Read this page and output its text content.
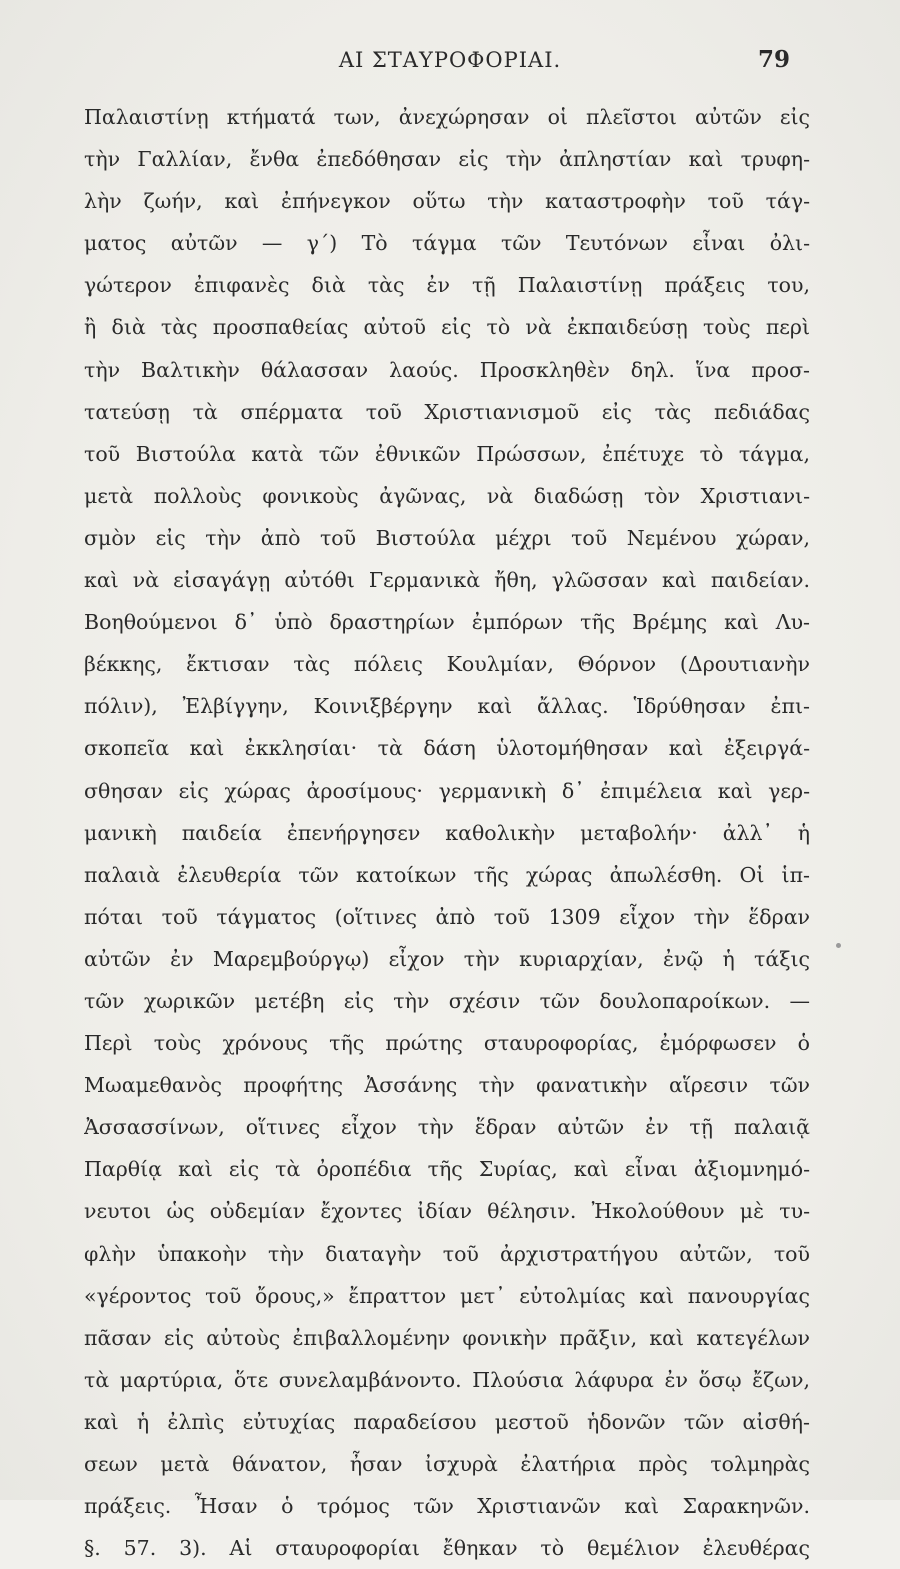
ΑΙ ΣΤΑΥΡΟΦΟΡΙΑΙ.	79
Παλαιστίνῃ κτήματά των, ἀνεχώρησαν οἱ πλεῖστοι αὐτῶν εἰς
τὴν Γαλλίαν, ἔνθα ἐπεδόθησαν εἰς τὴν ἀπληστίαν καὶ τρυφη-
λὴν ζωήν, καὶ ἐπήνεγκον οὕτω τὴν καταστροφὴν τοῦ τάγ-
ματος αὐτῶν — γ΄) Τὸ τάγμα τῶν Τευτόνων εἶναι ὀλι-
γώτερον ἐπιφανὲς διὰ τὰς ἐν τῇ Παλαιστίνῃ πράξεις του,
ἢ διὰ τὰς προσπαθείας αὐτοῦ εἰς τὸ νὰ ἐκπαιδεύσῃ τοὺς περὶ
τὴν Βαλτικὴν θάλασσαν λαούς. Προσκληθὲν δηλ. ἵνα προσ-
τατεύσῃ τὰ σπέρματα τοῦ Χριστιανισμοῦ εἰς τὰς πεδιάδας
τοῦ Βιστούλα κατὰ τῶν ἐθνικῶν Πρώσσων, ἐπέτυχε τὸ τάγμα,
μετὰ πολλοὺς φονικοὺς ἀγῶνας, νὰ διαδώσῃ τὸν Χριστιανι-
σμὸν εἰς τὴν ἀπὸ τοῦ Βιστούλα μέχρι τοῦ Νεμένου χώραν,
καὶ νὰ εἰσαγάγῃ αὐτόθι Γερμανικὰ ἤθη, γλῶσσαν καὶ παιδείαν.
Βοηθούμενοι δ᾽ ὑπὸ δραστηρίων ἐμπόρων τῆς Βρέμης καὶ Λυ-
βέκκης, ἔκτισαν τὰς πόλεις Κουλμίαν, Θόρνον (Δρουτιανὴν
πόλιν), Ἐλβίγγην, Κοινιξβέργην καὶ ἄλλας. Ἱδρύθησαν ἐπι-
σκοπεῖα καὶ ἐκκλησίαι· τὰ δάση ὑλοτομήθησαν καὶ ἐξειργά-
σθησαν εἰς χώρας ἀροσίμους· γερμανικὴ δ᾽ ἐπιμέλεια καὶ γερ-
μανικὴ παιδεία ἐπενήργησεν καθολικὴν μεταβολήν· ἀλλ᾽ ἡ
παλαιὰ ἐλευθερία τῶν κατοίκων τῆς χώρας ἀπωλέσθη. Οἱ ἱπ-
πόται τοῦ τάγματος (οἵτινες ἀπὸ τοῦ 1309 εἶχον τὴν ἕδραν
αὐτῶν ἐν Μαρεμβούργῳ) εἶχον τὴν κυριαρχίαν, ἐνῷ ἡ τάξις
τῶν χωρικῶν μετέβη εἰς τὴν σχέσιν τῶν δουλοπαροίκων. —
Περὶ τοὺς χρόνους τῆς πρώτης σταυροφορίας, ἐμόρφωσεν ὁ
Μωαμεθανὸς προφήτης Ἀσσάνης τὴν φανατικὴν αἵρεσιν τῶν
Ἀσσασσίνων, οἵτινες εἶχον τὴν ἕδραν αὐτῶν ἐν τῇ παλαιᾷ
Παρθίᾳ καὶ εἰς τὰ ὀροπέδια τῆς Συρίας, καὶ εἶναι ἀξιομνημό-
νευτοι ὡς οὐδεμίαν ἔχοντες ἰδίαν θέλησιν. Ἠκολούθουν μὲ τυ-
φλὴν ὑπακοὴν τὴν διαταγὴν τοῦ ἀρχιστρατήγου αὐτῶν, τοῦ
«γέροντος τοῦ ὄρους,» ἔπραττον μετ᾽ εὐτολμίας καὶ πανουργίας
πᾶσαν εἰς αὐτοὺς ἐπιβαλλομένην φονικὴν πρᾶξιν, καὶ κατεγέλων
τὰ μαρτύρια, ὅτε συνελαμβάνοντο. Πλούσια λάφυρα ἐν ὅσῳ ἔζων,
καὶ ἡ ἐλπὶς εὐτυχίας παραδείσου μεστοῦ ἡδονῶν τῶν αἰσθή-
σεων μετὰ θάνατον, ἦσαν ἰσχυρὰ ἐλατήρια πρὸς τολμηρὰς
πράξεις. Ἦσαν ὁ τρόμος τῶν Χριστιανῶν καὶ Σαρακηνῶν.
§. 57. 3). Αἱ σταυροφορίαι ἔθηκαν τὸ θεμέλιον ἐλευθέρας
